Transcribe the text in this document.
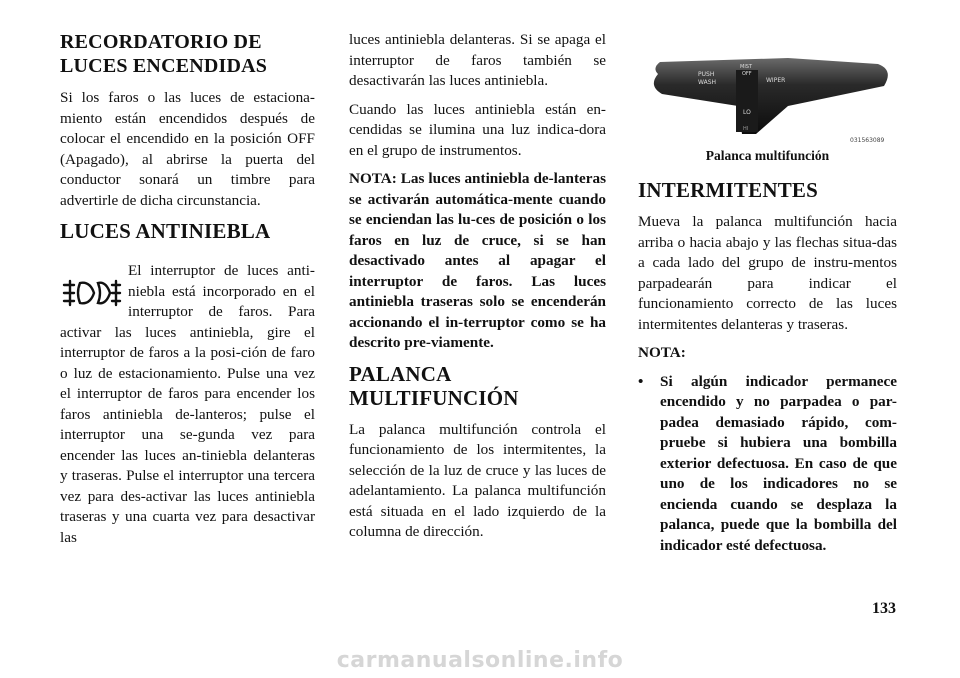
RECORDATORIO DE LUCES ENCENDIDAS

Si los faros o las luces de estaciona-miento están encendidos después de colocar el encendido en la posición OFF (Apagado), al abrirse la puerta del conductor sonará un timbre para advertirle de dicha circunstancia.

LUCES ANTINIEBLA

El interruptor de luces anti-niebla está incorporado en el interruptor de faros. Para activar las luces antiniebla, gire el interruptor de faros a la posi-ción de faro o luz de estacionamiento. Pulse una vez el interruptor de faros para encender los faros antiniebla de-lanteros; pulse el interruptor una se-gunda vez para encender las luces an-tiniebla delanteras y traseras. Pulse el interruptor una tercera vez para des-activar las luces antiniebla traseras y una cuarta vez para desactivar las

luces antiniebla delanteras. Si se apaga el interruptor de faros también se desactivarán las luces antiniebla.

Cuando las luces antiniebla están en-cendidas se ilumina una luz indica-dora en el grupo de instrumentos.

NOTA: Las luces antiniebla de-lanteras se activarán automática-mente cuando se enciendan las lu-ces de posición o los faros en luz de cruce, si se han desactivado antes al apagar el interruptor de faros. Las luces antiniebla traseras solo se encenderán accionando el in-terruptor como se ha descrito pre-viamente.

PALANCA MULTIFUNCIÓN

La palanca multifunción controla el funcionamiento de los intermitentes, la selección de la luz de cruce y las luces de adelantamiento. La palanca multifunción está situada en el lado izquierdo de la columna de dirección.

PUSH
WASH
MIST
OFF
WIPER
LO
HI
031563089
Palanca multifunción
INTERMITENTES

Mueva la palanca multifunción hacia arriba o hacia abajo y las flechas situa-das a cada lado del grupo de instru-mentos parpadearán para indicar el funcionamiento correcto de las luces intermitentes delanteras y traseras.

NOTA:

• Si algún indicador permanece encendido y no parpadea o par-padea demasiado rápido, com-pruebe si hubiera una bombilla exterior defectuosa. En caso de que uno de los indicadores no se encienda cuando se desplaza la palanca, puede que la bombilla del indicador esté defectuosa.

133
carmanualsonline.info
